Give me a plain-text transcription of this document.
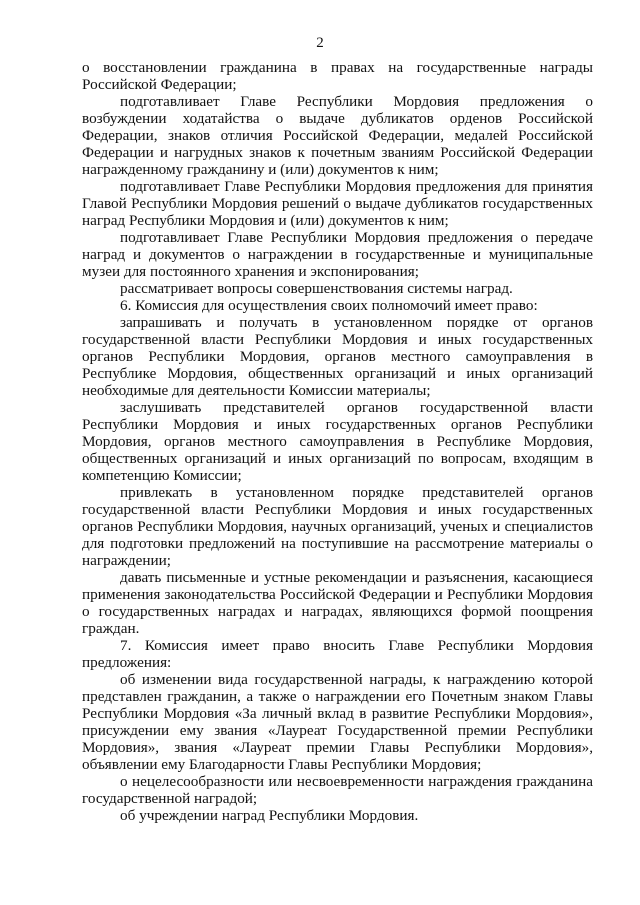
2

о восстановлении гражданина в правах на государственные награды Российской Федерации;

подготавливает Главе Республики Мордовия предложения о возбуждении ходатайства о выдаче дубликатов орденов Российской Федерации, знаков отличия Российской Федерации, медалей Российской Федерации и нагрудных знаков к почетным званиям Российской Федерации награжденному гражданину и (или) документов к ним;

подготавливает Главе Республики Мордовия предложения для принятия Главой Республики Мордовия решений о выдаче дубликатов государственных наград Республики Мордовия и (или) документов к ним;

подготавливает Главе Республики Мордовия предложения о передаче наград и документов о награждении в государственные и муниципальные музеи для постоянного хранения и экспонирования;

рассматривает вопросы совершенствования системы наград.

6. Комиссия для осуществления своих полномочий имеет право:

запрашивать и получать в установленном порядке от органов государственной власти Республики Мордовия и иных государственных органов Республики Мордовия, органов местного самоуправления в Республике Мордовия, общественных организаций и иных организаций необходимые для деятельности Комиссии материалы;

заслушивать представителей органов государственной власти Республики Мордовия и иных государственных органов Республики Мордовия, органов местного самоуправления в Республике Мордовия, общественных организаций и иных организаций по вопросам, входящим в компетенцию Комиссии;

привлекать в установленном порядке представителей органов государственной власти Республики Мордовия и иных государственных органов Республики Мордовия, научных организаций, ученых и специалистов для подготовки предложений на поступившие на рассмотрение материалы о награждении;

давать письменные и устные рекомендации и разъяснения, касающиеся применения законодательства Российской Федерации и Республики Мордовия о государственных наградах и наградах, являющихся формой поощрения граждан.

7. Комиссия имеет право вносить Главе Республики Мордовия предложения:

об изменении вида государственной награды, к награждению которой представлен гражданин, а также о награждении его Почетным знаком Главы Республики Мордовия «За личный вклад в развитие Республики Мордовия», присуждении ему звания «Лауреат Государственной премии Республики Мордовия», звания «Лауреат премии Главы Республики Мордовия», объявлении ему Благодарности Главы Республики Мордовия;

о нецелесообразности или несвоевременности награждения гражданина государственной наградой;

об учреждении наград Республики Мордовия.
